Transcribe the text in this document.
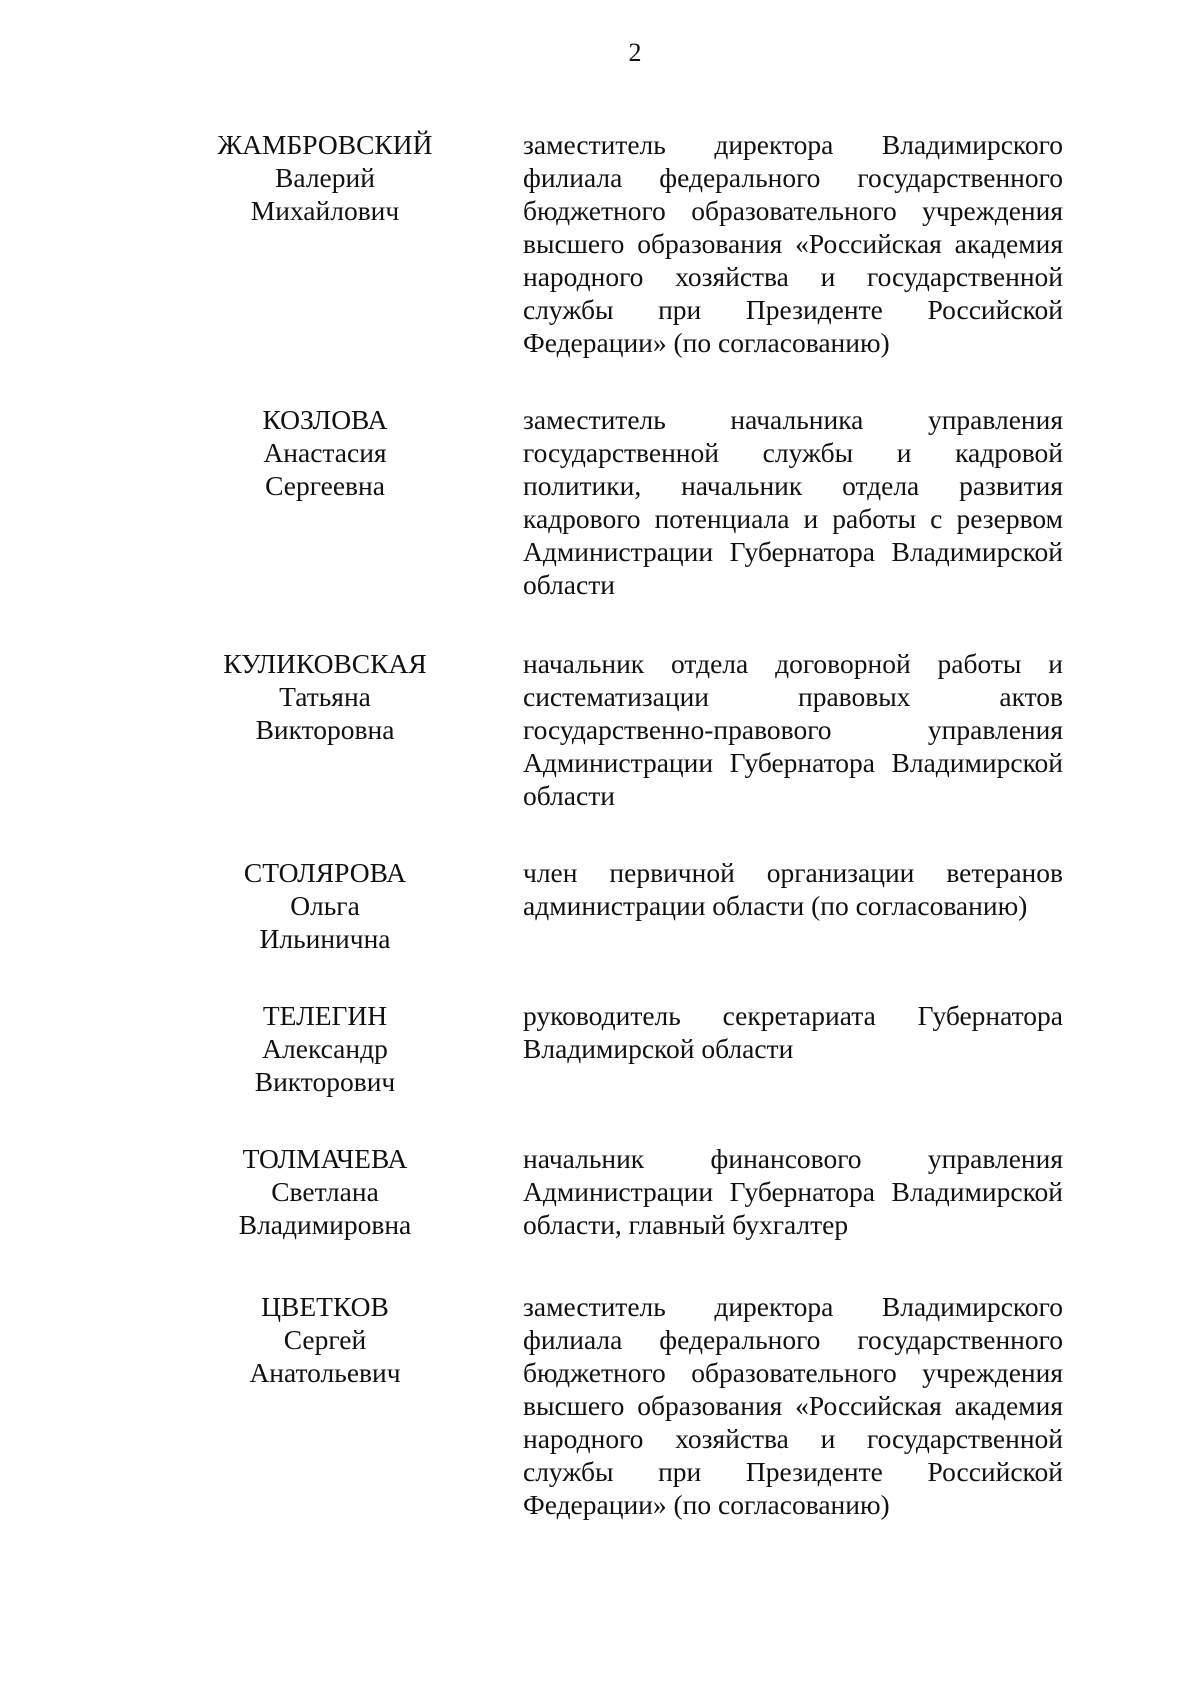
2
ЖАМБРОВСКИЙ
Валерий
Михайлович
заместитель директора Владимирского
филиала федерального государственного
бюджетного образовательного учреждения
высшего образования «Российская академия
народного хозяйства и государственной
службы при Президенте Российской
Федерации» (по согласованию)
КОЗЛОВА
Анастасия
Сергеевна
заместитель начальника управления
государственной службы и кадровой
политики, начальник отдела развития
кадрового потенциала и работы с резервом
Администрации Губернатора Владимирской
области
КУЛИКОВСКАЯ
Татьяна
Викторовна
начальник отдела договорной работы и
систематизации правовых актов
государственно-правового управления
Администрации Губернатора Владимирской
области
СТОЛЯРОВА
Ольга
Ильинична
член первичной организации ветеранов
администрации области (по согласованию)
ТЕЛЕГИН
Александр
Викторович
руководитель секретариата Губернатора
Владимирской области
ТОЛМАЧЕВА
Светлана
Владимировна
начальник финансового управления
Администрации Губернатора Владимирской
области, главный бухгалтер
ЦВЕТКОВ
Сергей
Анатольевич
заместитель директора Владимирского
филиала федерального государственного
бюджетного образовательного учреждения
высшего образования «Российская академия
народного хозяйства и государственной
службы при Президенте Российской
Федерации» (по согласованию)
